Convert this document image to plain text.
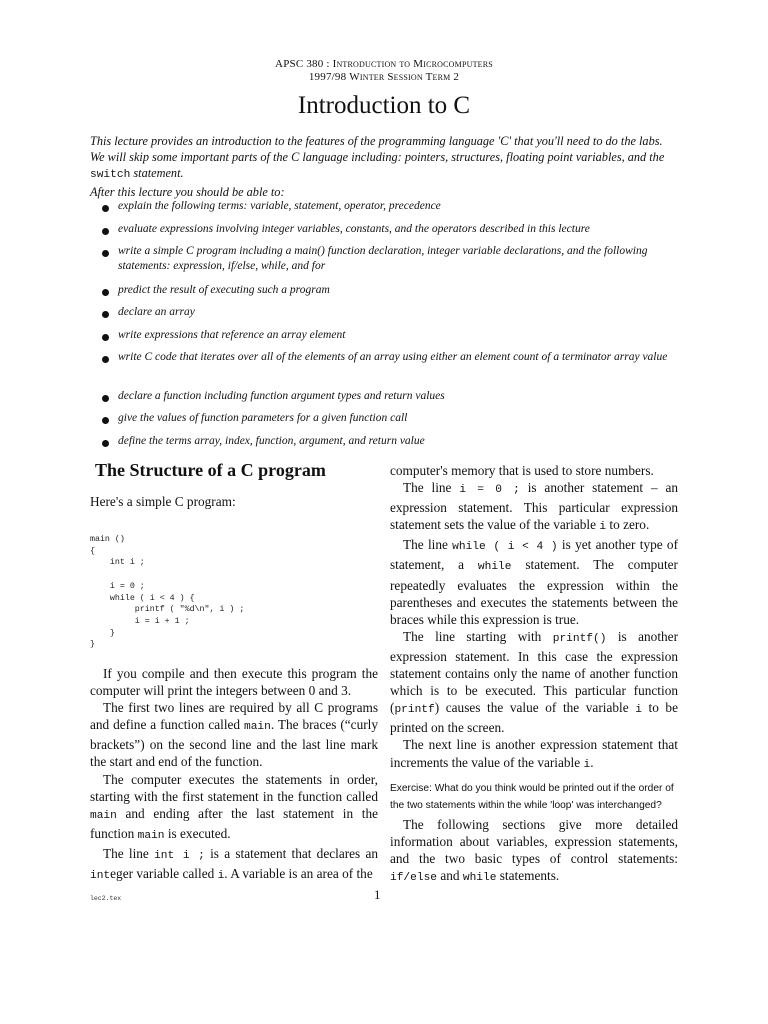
APSC 380 : Introduction to Microcomputers
1997/98 Winter Session Term 2
Introduction to C

This lecture provides an introduction to the features of the programming language 'C' that you'll need to do the labs.

We will skip some important parts of the C language including: pointers, structures, floating point variables, and the switch statement.

After this lecture you should be able to:

explain the following terms: variable, statement, operator, precedence
evaluate expressions involving integer variables, constants, and the operators described in this lecture
write a simple C program including a main() function declaration, integer variable declarations, and the following statements: expression, if/else, while, and for
predict the result of executing such a program
declare an array
write expressions that reference an array element
write C code that iterates over all of the elements of an array using either an element count of a terminator array value
declare a function including function argument types and return values
give the values of function parameters for a given function call
define the terms array, index, function, argument, and return value
The Structure of a C program

Here's a simple C program:

main ()
{
int i ;

i = 0 ;
while ( i < 4 ) {
printf ( "%d\n", i ) ;
i = i + 1 ;
}
}

If you compile and then execute this program the computer will print the integers between 0 and 3.

The first two lines are required by all C programs and define a function called main. The braces (“curly brackets”) on the second line and the last line mark the start and end of the function.

The computer executes the statements in order, starting with the first statement in the function called main and ending after the last statement in the function main is executed.

The line int i ; is a statement that declares an integer variable called i. A variable is an area of the

computer's memory that is used to store numbers.

The line i = 0 ; is another statement – an expression statement. This particular expression statement sets the value of the variable i to zero.

The line while ( i < 4 ) is yet another type of statement, a while statement. The computer repeatedly evaluates the expression within the parentheses and executes the statements between the braces while this expression is true.

The line starting with printf() is another expression statement. In this case the expression statement contains only the name of another function which is to be executed. This particular function (printf) causes the value of the variable i to be printed on the screen.

The next line is another expression statement that increments the value of the variable i.

Exercise: What do you think would be printed out if the order of the two statements within the while 'loop' was interchanged?

The following sections give more detailed information about variables, expression statements, and the two basic types of control statements: if/else and while statements.

1
lec2.tex
